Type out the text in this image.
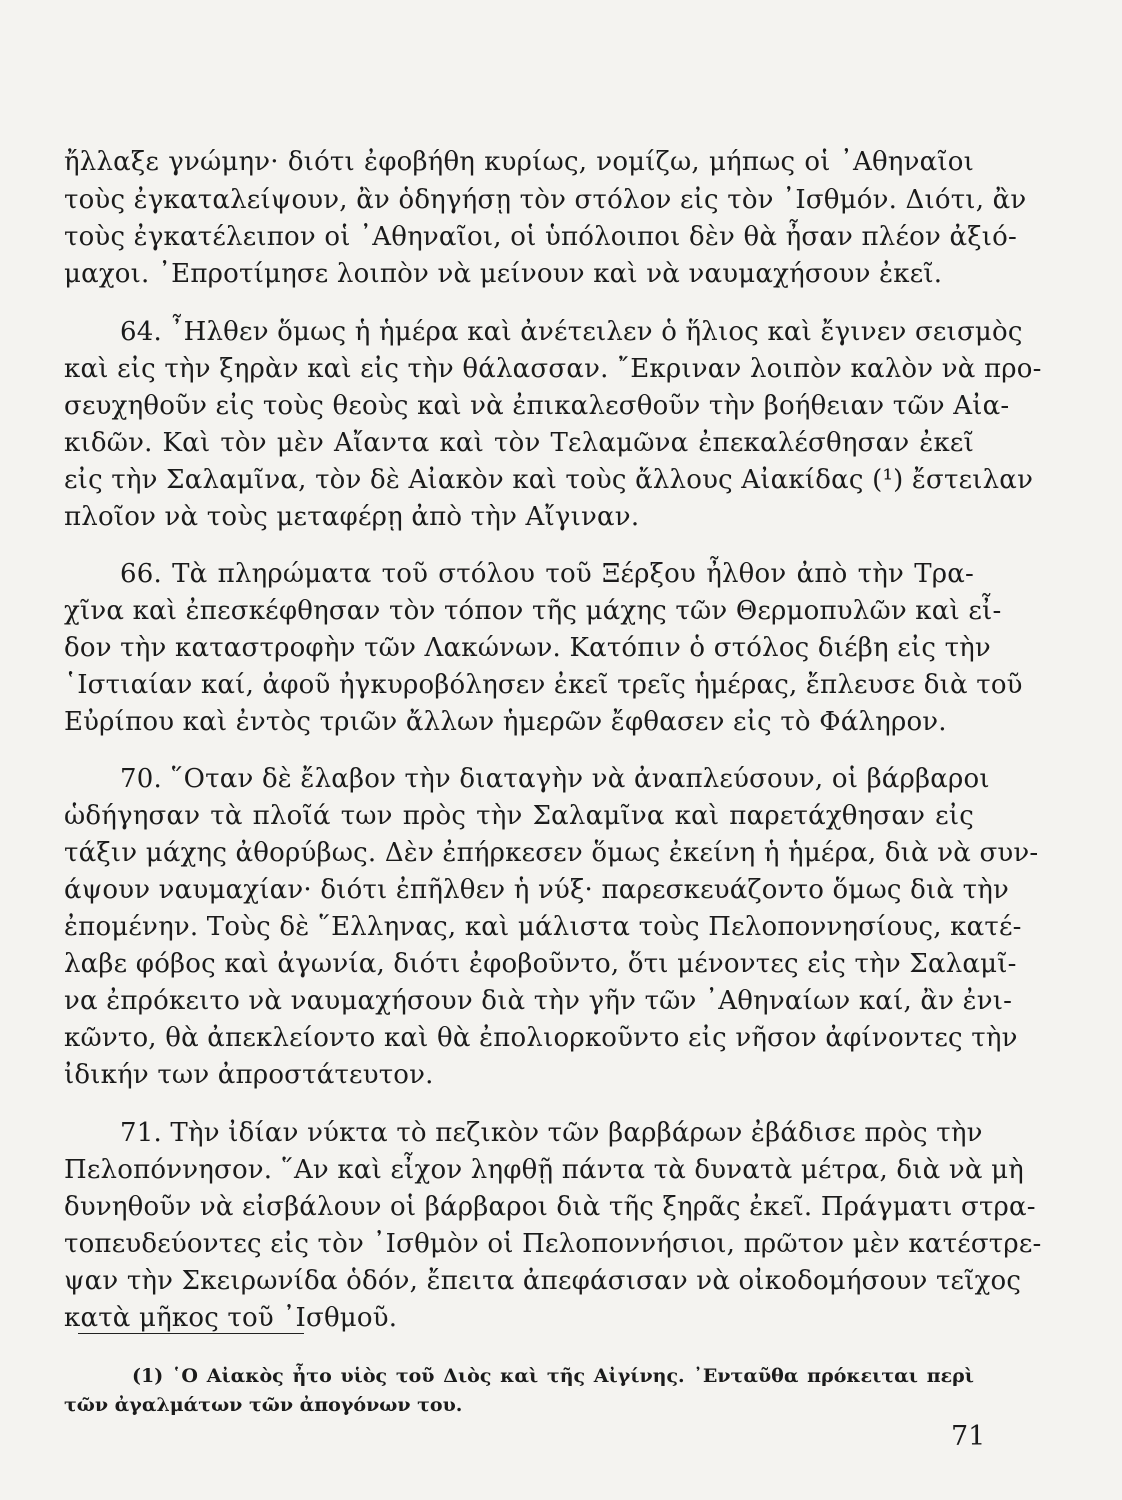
ἤλλαξε γνώμην· διότι ἐφοβήθη κυρίως, νομίζω, μήπως οἱ ᾿Αθηναῖοι
τοὺς ἐγκαταλείψουν, ἂν ὁδηγήσῃ τὸν στόλον εἰς τὸν ᾿Ισθμόν. Διότι, ἂν
τοὺς ἐγκατέλειπον οἱ ᾿Αθηναῖοι, οἱ ὑπόλοιποι δὲν θὰ ἦσαν πλέον ἀξιό-
μαχοι. ᾿Επροτίμησε λοιπὸν νὰ μείνουν καὶ νὰ ναυμαχήσουν ἐκεῖ.
64. ῏Ηλθεν ὅμως ἡ ἡμέρα καὶ ἀνέτειλεν ὁ ἥλιος καὶ ἔγινεν σεισμὸς
καὶ εἰς τὴν ξηρὰν καὶ εἰς τὴν θάλασσαν. ῎Εκριναν λοιπὸν καλὸν νὰ προ-
σευχηθοῦν εἰς τοὺς θεοὺς καὶ νὰ ἐπικαλεσθοῦν τὴν βοήθειαν τῶν Αἰα-
κιδῶν. Καὶ τὸν μὲν Αἴαντα καὶ τὸν Τελαμῶνα ἐπεκαλέσθησαν ἐκεῖ
εἰς τὴν Σαλαμῖνα, τὸν δὲ Αἰακὸν καὶ τοὺς ἄλλους Αἰακίδας (¹) ἔστειλαν
πλοῖον νὰ τοὺς μεταφέρῃ ἀπὸ τὴν Αἴγιναν.
66. Τὰ πληρώματα τοῦ στόλου τοῦ Ξέρξου ἦλθον ἀπὸ τὴν Τρα-
χῖνα καὶ ἐπεσκέφθησαν τὸν τόπον τῆς μάχης τῶν Θερμοπυλῶν καὶ εἶ-
δον τὴν καταστροφὴν τῶν Λακώνων. Κατόπιν ὁ στόλος διέβη εἰς τὴν
῾Ιστιαίαν καί, ἀφοῦ ἠγκυροβόλησεν ἐκεῖ τρεῖς ἡμέρας, ἔπλευσε διὰ τοῦ
Εὐρίπου καὶ ἐντὸς τριῶν ἄλλων ἡμερῶν ἔφθασεν εἰς τὸ Φάληρον.
70. ῞Οταν δὲ ἔλαβον τὴν διαταγὴν νὰ ἀναπλεύσουν, οἱ βάρβαροι
ὡδήγησαν τὰ πλοῖά των πρὸς τὴν Σαλαμῖνα καὶ παρετάχθησαν εἰς
τάξιν μάχης ἀθορύβως. Δὲν ἐπήρκεσεν ὅμως ἐκείνη ἡ ἡμέρα, διὰ νὰ συν-
άψουν ναυμαχίαν· διότι ἐπῆλθεν ἡ νύξ· παρεσκευάζοντο ὅμως διὰ τὴν
ἐπομένην. Τοὺς δὲ ῞Ελληνας, καὶ μάλιστα τοὺς Πελοποννησίους, κατέ-
λαβε φόβος καὶ ἀγωνία, διότι ἐφοβοῦντο, ὅτι μένοντες εἰς τὴν Σαλαμῖ-
να ἐπρόκειτο νὰ ναυμαχήσουν διὰ τὴν γῆν τῶν ᾿Αθηναίων καί, ἂν ἐνι-
κῶντο, θὰ ἀπεκλείοντο καὶ θὰ ἐπολιορκοῦντο εἰς νῆσον ἀφίνοντες τὴν
ἰδικήν των ἀπροστάτευτον.
71. Τὴν ἰδίαν νύκτα τὸ πεζικὸν τῶν βαρβάρων ἐβάδισε πρὸς τὴν
Πελοπόννησον. ῞Αν καὶ εἶχον ληφθῇ πάντα τὰ δυνατὰ μέτρα, διὰ νὰ μὴ
δυνηθοῦν νὰ εἰσβάλουν οἱ βάρβαροι διὰ τῆς ξηρᾶς ἐκεῖ. Πράγματι στρα-
τοπευδεύοντες εἰς τὸν ᾿Ισθμὸν οἱ Πελοποννήσιοι, πρῶτον μὲν κατέστρε-
ψαν τὴν Σκειρωνίδα ὁδόν, ἔπειτα ἀπεφάσισαν νὰ οἰκοδομήσουν τεῖχος
κατὰ μῆκος τοῦ ᾿Ισθμοῦ.
(1) ῾Ο Αἰακὸς ἦτο υἱὸς τοῦ Διὸς καὶ τῆς Αἰγίνης. ᾿Ενταῦθα πρόκειται περὶ
τῶν ἀγαλμάτων τῶν ἀπογόνων του.
71
